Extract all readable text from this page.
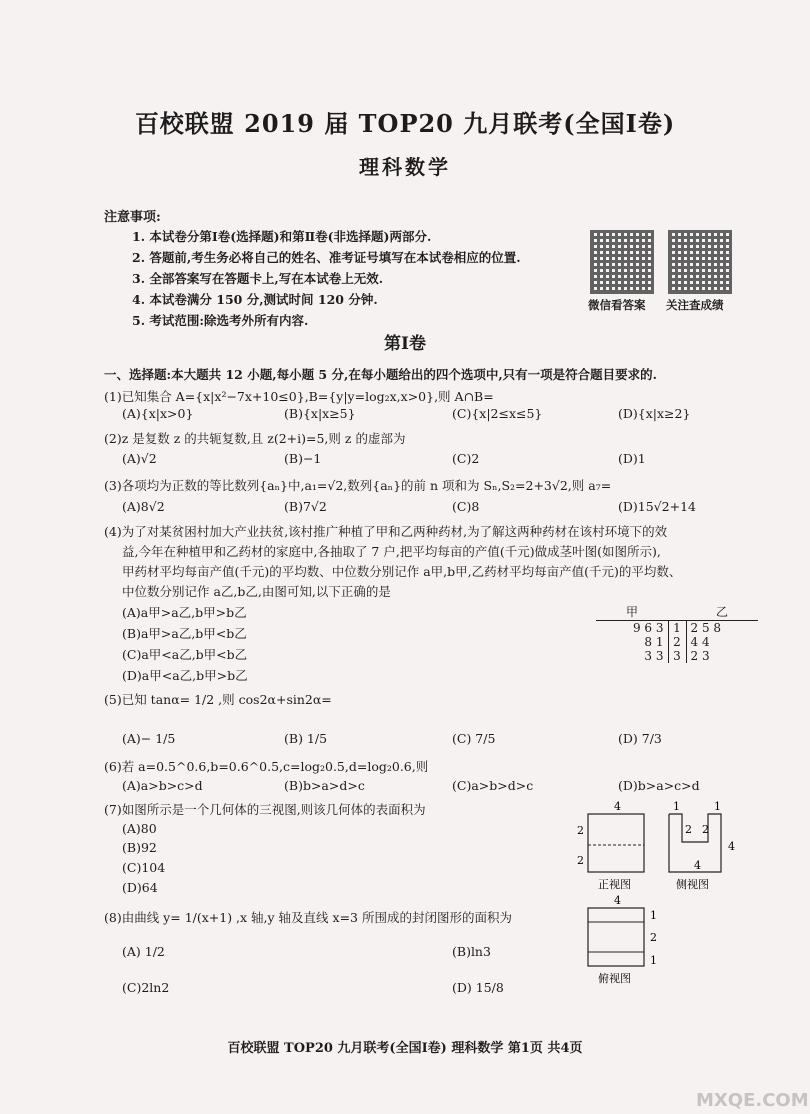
百校联盟 2019 届 TOP20 九月联考(全国Ⅰ卷)
理科数学
注意事项:
1. 本试卷分第Ⅰ卷(选择题)和第Ⅱ卷(非选择题)两部分.
2. 答题前,考生务必将自己的姓名、准考证号填写在本试卷相应的位置.
3. 全部答案写在答题卡上,写在本试卷上无效.
4. 本试卷满分 150 分,测试时间 120 分钟.
5. 考试范围:除选考外所有内容.
微信看答案 关注查成绩
第Ⅰ卷
一、选择题:本大题共 12 小题,每小题 5 分,在每小题给出的四个选项中,只有一项是符合题目要求的.
(1)已知集合 A={x|x²−7x+10≤0},B={y|y=log₂x,x>0},则 A∩B=
(A){x|x>0}	(B){x|x≥5}	(C){x|2≤x≤5}	(D){x|x≥2}
(2)z 是复数 z 的共轭复数,且 z(2+i)=5,则 z 的虚部为
(A)√2	(B)−1	(C)2	(D)1
(3)各项均为正数的等比数列{aₙ}中,a₁=√2,数列{aₙ}的前 n 项和为 Sₙ,S₂=2+3√2,则 a₇=
(A)8√2	(B)7√2	(C)8	(D)15√2+14
(4)为了对某贫困村加大产业扶贫,该村推广种植了甲和乙两种药材,为了解这两种药材在该村环境下的效
益,今年在种植甲和乙药材的家庭中,各抽取了 7 户,把平均每亩的产值(千元)做成茎叶图(如图所示),
甲药材平均每亩产值(千元)的平均数、中位数分别记作 a甲,b甲,乙药材平均每亩产值(千元)的平均数、
中位数分别记作 a乙,b乙,由图可知,以下正确的是
(A)a甲>a乙,b甲>b乙
(B)a甲>a乙,b甲<b乙
(C)a甲<a乙,b甲<b乙
(D)a甲<a乙,b甲>b乙
甲		乙
9 6 3	1	2 5 8
8 1	2	4 4
3 3	3	2 3
(5)已知 tanα= 1/2 ,则 cos2α+sin2α=
(A)− 1/5	(B) 1/5	(C) 7/5	(D) 7/3
(6)若 a=0.5^0.6,b=0.6^0.5,c=log₂0.5,d=log₂0.6,则
(A)a>b>c>d	(B)b>a>d>c	(C)a>b>d>c	(D)b>a>c>d
(7)如图所示是一个几何体的三视图,则该几何体的表面积为
(A)80
(B)92
(C)104
(D)64
4
2
2
正视图
1	1
2 2
4
4
侧视图
4
1
2
1
俯视图
(8)由曲线 y= 1/(x+1) ,x 轴,y 轴及直线 x=3 所围成的封闭图形的面积为
(A) 1/2	(B)ln3
(C)2ln2	(D) 15/8
百校联盟 TOP20 九月联考(全国Ⅰ卷) 理科数学 第1页 共4页
MXQE.COM
